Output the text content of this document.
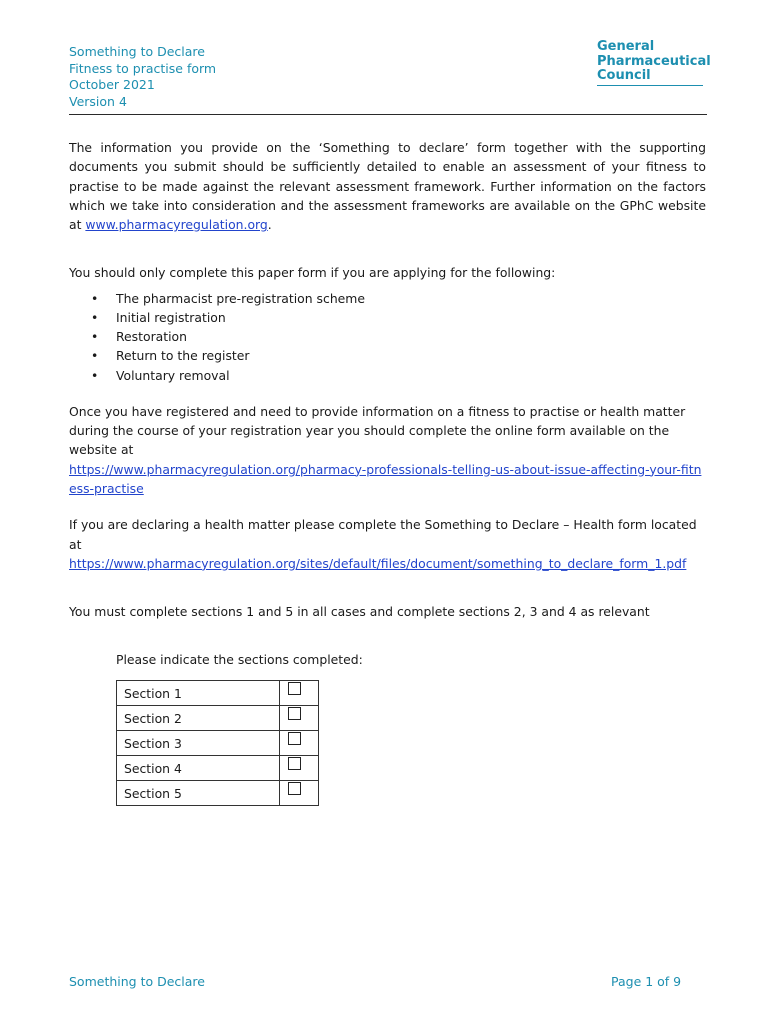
Something to Declare
Fitness to practise form
October 2021
Version 4
General
Pharmaceutical
Council

The information you provide on the ‘Something to declare’ form together with the supporting documents you submit should be sufficiently detailed to enable an assessment of your fitness to practise to be made against the relevant assessment framework. Further information on the factors which we take into consideration and the assessment frameworks are available on the GPhC website at www.pharmacyregulation.org.

You should only complete this paper form if you are applying for the following:

• The pharmacist pre-registration scheme
• Initial registration
• Restoration
• Return to the register
• Voluntary removal

Once you have registered and need to provide information on a fitness to practise or health matter during the course of your registration year you should complete the online form available on the website at
https://www.pharmacyregulation.org/pharmacy-professionals-telling-us-about-issue-affecting-your-fitness-practise

If you are declaring a health matter please complete the Something to Declare – Health form located at
https://www.pharmacyregulation.org/sites/default/files/document/something_to_declare_form_1.pdf

You must complete sections 1 and 5 in all cases and complete sections 2, 3 and 4 as relevant

Please indicate the sections completed:

Section 1	

Section 2	

Section 3	

Section 4	

Section 5	
Something to Declare	Page 1 of 9
